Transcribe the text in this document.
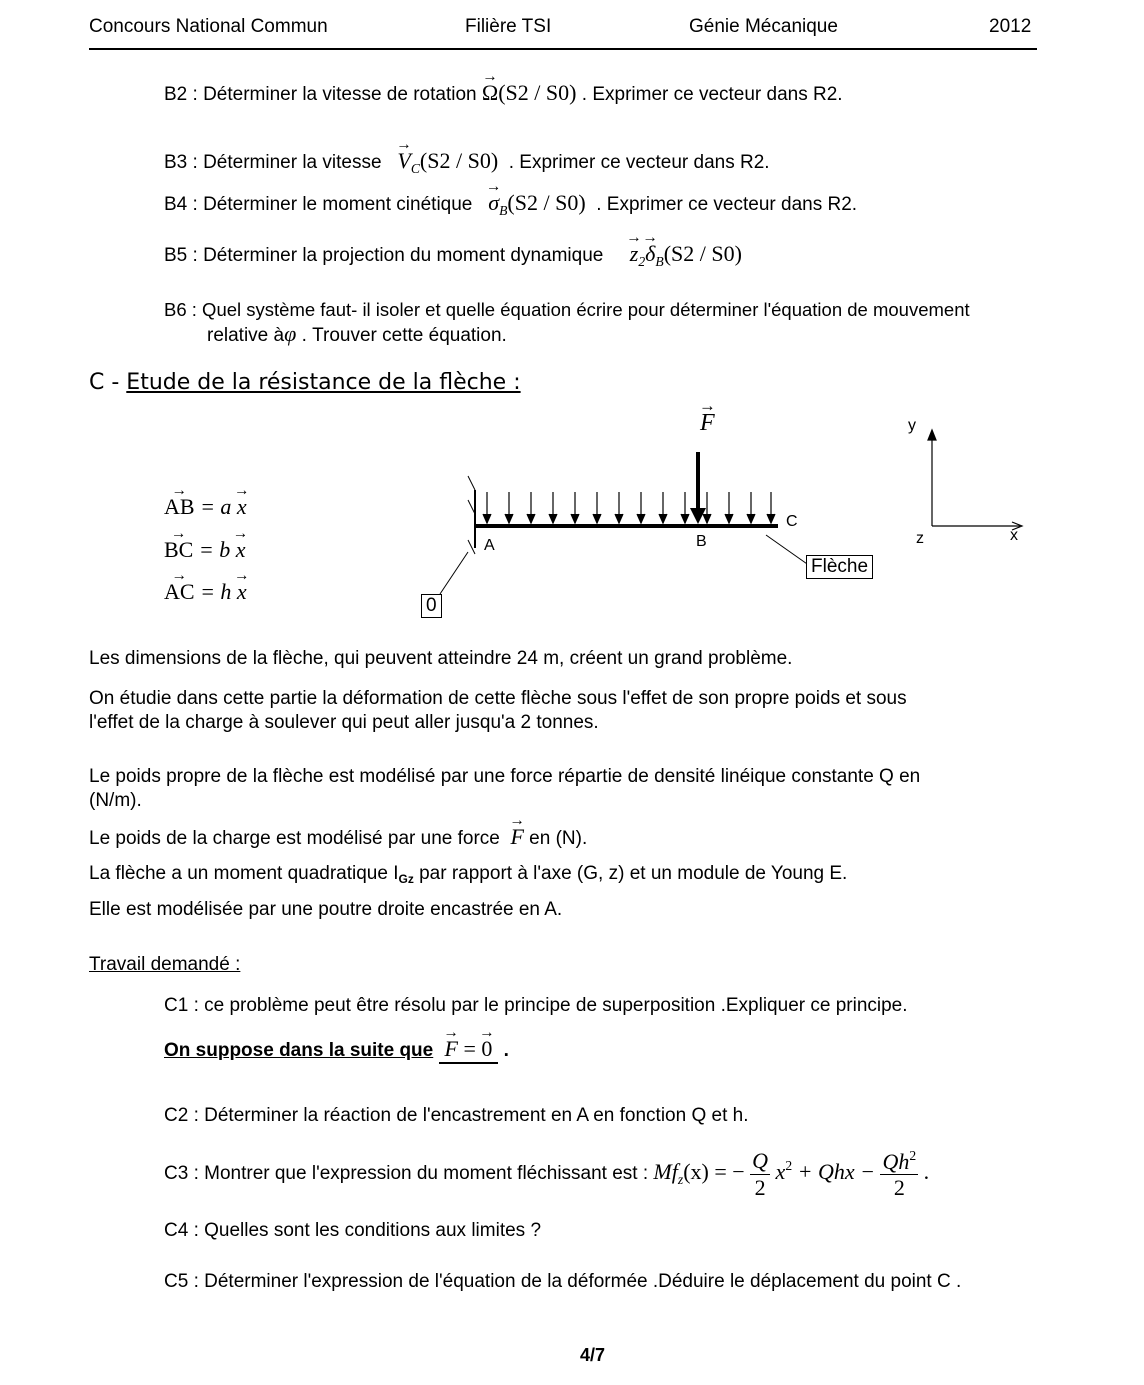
Concours National Commun	Filière TSI	Génie Mécanique	2012
B2 : Déterminer la vitesse de rotation → Ω(S2 / S0) . Exprimer ce vecteur dans R2.
B3 : Déterminer la vitesse → $V_C(S2 / S0)$ . Exprimer ce vecteur dans R2.
B4 : Déterminer le moment cinétique → $\sigma_B(S2 / S0)$ . Exprimer ce vecteur dans R2.
B5 : Déterminer la projection du moment dynamique → $z_2\to \delta_B(S2 / S0)$
B6 : Quel système faut- il isoler et quelle équation écrire pour déterminer l'équation de mouvement
relative àφ . Trouver cette équation.
C - Etude de la résistance de la flèche :
→ $\overline{AB} = a \to x$
→ $\overline{BC} = b \to x$
→ $\overline{AC} = h \to x$
→ F
A	B
C
0
Flèche
y
x
z
Les dimensions de la flèche, qui peuvent atteindre 24 m, créent un grand problème.
On étudie dans cette partie la déformation de cette flèche sous l'effet de son propre poids et sous
l'effet de la charge à soulever qui peut aller jusqu'a 2 tonnes.
Le poids propre de la flèche est modélisé par une force répartie de densité linéique constante Q en
(N/m).
Le poids de la charge est modélisé par une force → F en (N).
La flèche a un moment quadratique $I_{Gz}$ par rapport à l'axe (G, z) et un module de Young E.
Elle est modélisée par une poutre droite encastrée en A.
Travail demandé :
C1 : ce problème peut être résolu par le principe de superposition .Expliquer ce principe.
On suppose dans la suite que → F = → 0 .
C2 : Déterminer la réaction de l'encastrement en A en fonction Q et h.
C3 : Montrer que l'expression du moment fléchissant est : $Mf_z(x)$ = − $\frac{Q}{2} x^2$ + Qhx − $\frac{Qh^2}{2}$ .
C4 : Quelles sont les conditions aux limites ?
C5 : Déterminer l'expression de l'équation de la déformée .Déduire le déplacement du point C .
4/7
